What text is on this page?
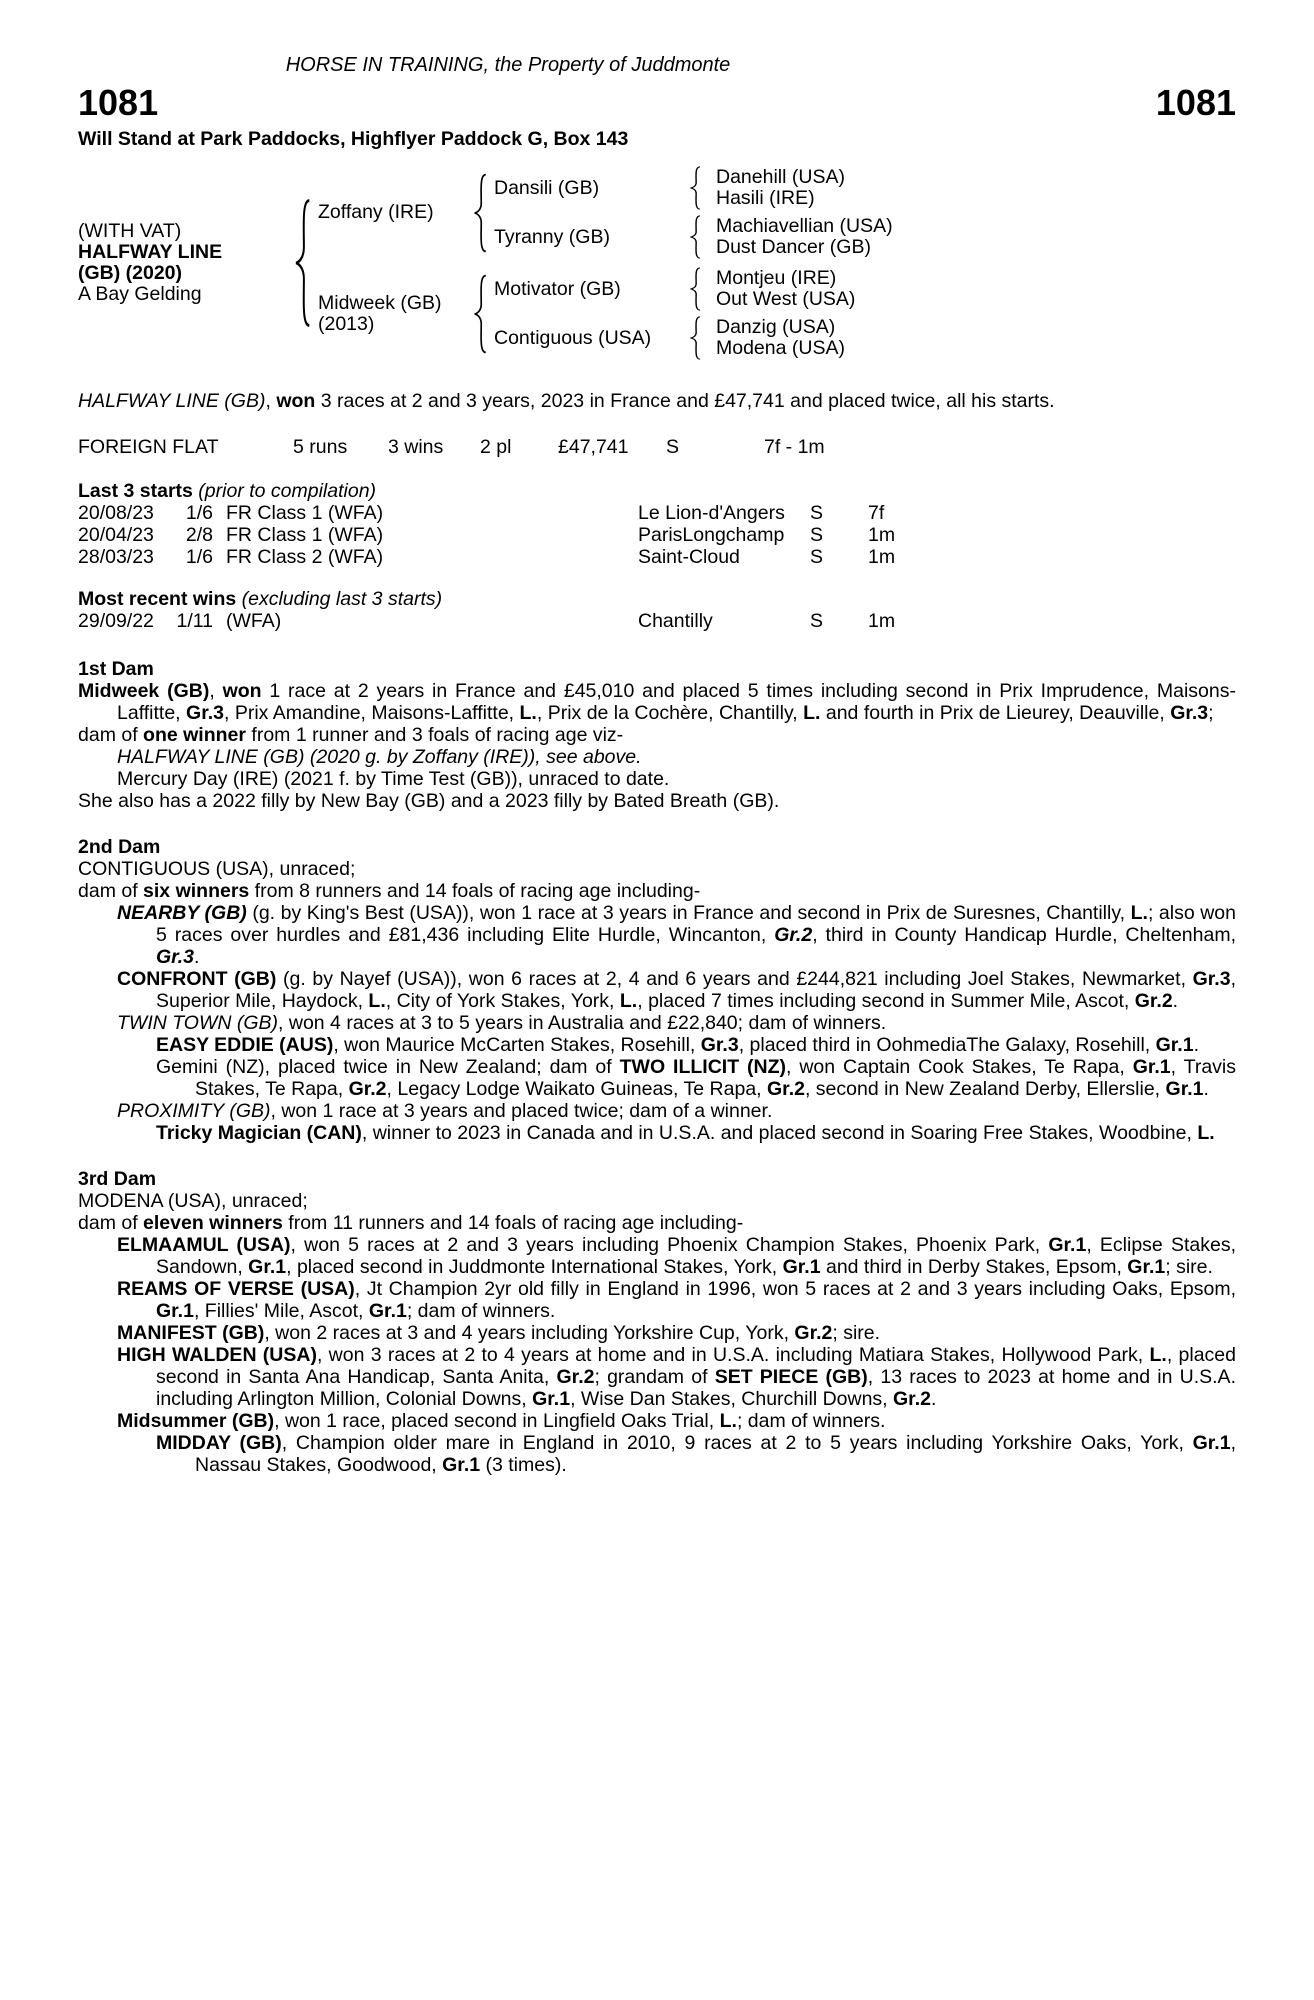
HORSE IN TRAINING, the Property of Juddmonte
1081	1081
Will Stand at Park Paddocks, Highflyer Paddock G, Box 143
(WITH VAT)
HALFWAY LINE
(GB) (2020)
A Bay Gelding
Zoffany (IRE)
Dansili (GB)	Danehill (USA)
Hasili (IRE)
Tyranny (GB)	Machiavellian (USA)
Dust Dancer (GB)
Midweek (GB)
(2013)
Motivator (GB)	Montjeu (IRE)
Out West (USA)
Contiguous (USA)	Danzig (USA)
Modena (USA)
HALFWAY LINE (GB), won 3 races at 2 and 3 years, 2023 in France and £47,741 and placed twice, all his starts.
FOREIGN FLAT	5 runs	3 wins	2 pl	£47,741	S	7f - 1m
Last 3 starts (prior to compilation)
20/08/23	1/6 FR Class 1 (WFA)	Le Lion-d'Angers	S	7f
20/04/23	2/8 FR Class 1 (WFA)	ParisLongchamp	S	1m
28/03/23	1/6 FR Class 2 (WFA)	Saint-Cloud	S	1m
Most recent wins (excluding last 3 starts)
29/09/22	1/11 (WFA)	Chantilly	S	1m
1st Dam
Midweek (GB), won 1 race at 2 years in France and £45,010 and placed 5 times including second in Prix Imprudence, Maisons-Laffitte, Gr.3, Prix Amandine, Maisons-Laffitte, L., Prix de la Cochère, Chantilly, L. and fourth in Prix de Lieurey, Deauville, Gr.3;
dam of one winner from 1 runner and 3 foals of racing age viz-
HALFWAY LINE (GB) (2020 g. by Zoffany (IRE)), see above.
Mercury Day (IRE) (2021 f. by Time Test (GB)), unraced to date.
She also has a 2022 filly by New Bay (GB) and a 2023 filly by Bated Breath (GB).
2nd Dam
CONTIGUOUS (USA), unraced;
dam of six winners from 8 runners and 14 foals of racing age including-
NEARBY (GB) (g. by King's Best (USA)), won 1 race at 3 years in France and second in Prix de Suresnes, Chantilly, L.; also won 5 races over hurdles and £81,436 including Elite Hurdle, Wincanton, Gr.2, third in County Handicap Hurdle, Cheltenham, Gr.3.
CONFRONT (GB) (g. by Nayef (USA)), won 6 races at 2, 4 and 6 years and £244,821 including Joel Stakes, Newmarket, Gr.3, Superior Mile, Haydock, L., City of York Stakes, York, L., placed 7 times including second in Summer Mile, Ascot, Gr.2.
TWIN TOWN (GB), won 4 races at 3 to 5 years in Australia and £22,840; dam of winners.
EASY EDDIE (AUS), won Maurice McCarten Stakes, Rosehill, Gr.3, placed third in OohmediaThe Galaxy, Rosehill, Gr.1.
Gemini (NZ), placed twice in New Zealand; dam of TWO ILLICIT (NZ), won Captain Cook Stakes, Te Rapa, Gr.1, Travis Stakes, Te Rapa, Gr.2, Legacy Lodge Waikato Guineas, Te Rapa, Gr.2, second in New Zealand Derby, Ellerslie, Gr.1.
PROXIMITY (GB), won 1 race at 3 years and placed twice; dam of a winner.
Tricky Magician (CAN), winner to 2023 in Canada and in U.S.A. and placed second in Soaring Free Stakes, Woodbine, L.
3rd Dam
MODENA (USA), unraced;
dam of eleven winners from 11 runners and 14 foals of racing age including-
ELMAAMUL (USA), won 5 races at 2 and 3 years including Phoenix Champion Stakes, Phoenix Park, Gr.1, Eclipse Stakes, Sandown, Gr.1, placed second in Juddmonte International Stakes, York, Gr.1 and third in Derby Stakes, Epsom, Gr.1; sire.
REAMS OF VERSE (USA), Jt Champion 2yr old filly in England in 1996, won 5 races at 2 and 3 years including Oaks, Epsom, Gr.1, Fillies' Mile, Ascot, Gr.1; dam of winners.
MANIFEST (GB), won 2 races at 3 and 4 years including Yorkshire Cup, York, Gr.2; sire.
HIGH WALDEN (USA), won 3 races at 2 to 4 years at home and in U.S.A. including Matiara Stakes, Hollywood Park, L., placed second in Santa Ana Handicap, Santa Anita, Gr.2; grandam of SET PIECE (GB), 13 races to 2023 at home and in U.S.A. including Arlington Million, Colonial Downs, Gr.1, Wise Dan Stakes, Churchill Downs, Gr.2.
Midsummer (GB), won 1 race, placed second in Lingfield Oaks Trial, L.; dam of winners.
MIDDAY (GB), Champion older mare in England in 2010, 9 races at 2 to 5 years including Yorkshire Oaks, York, Gr.1, Nassau Stakes, Goodwood, Gr.1 (3 times).
